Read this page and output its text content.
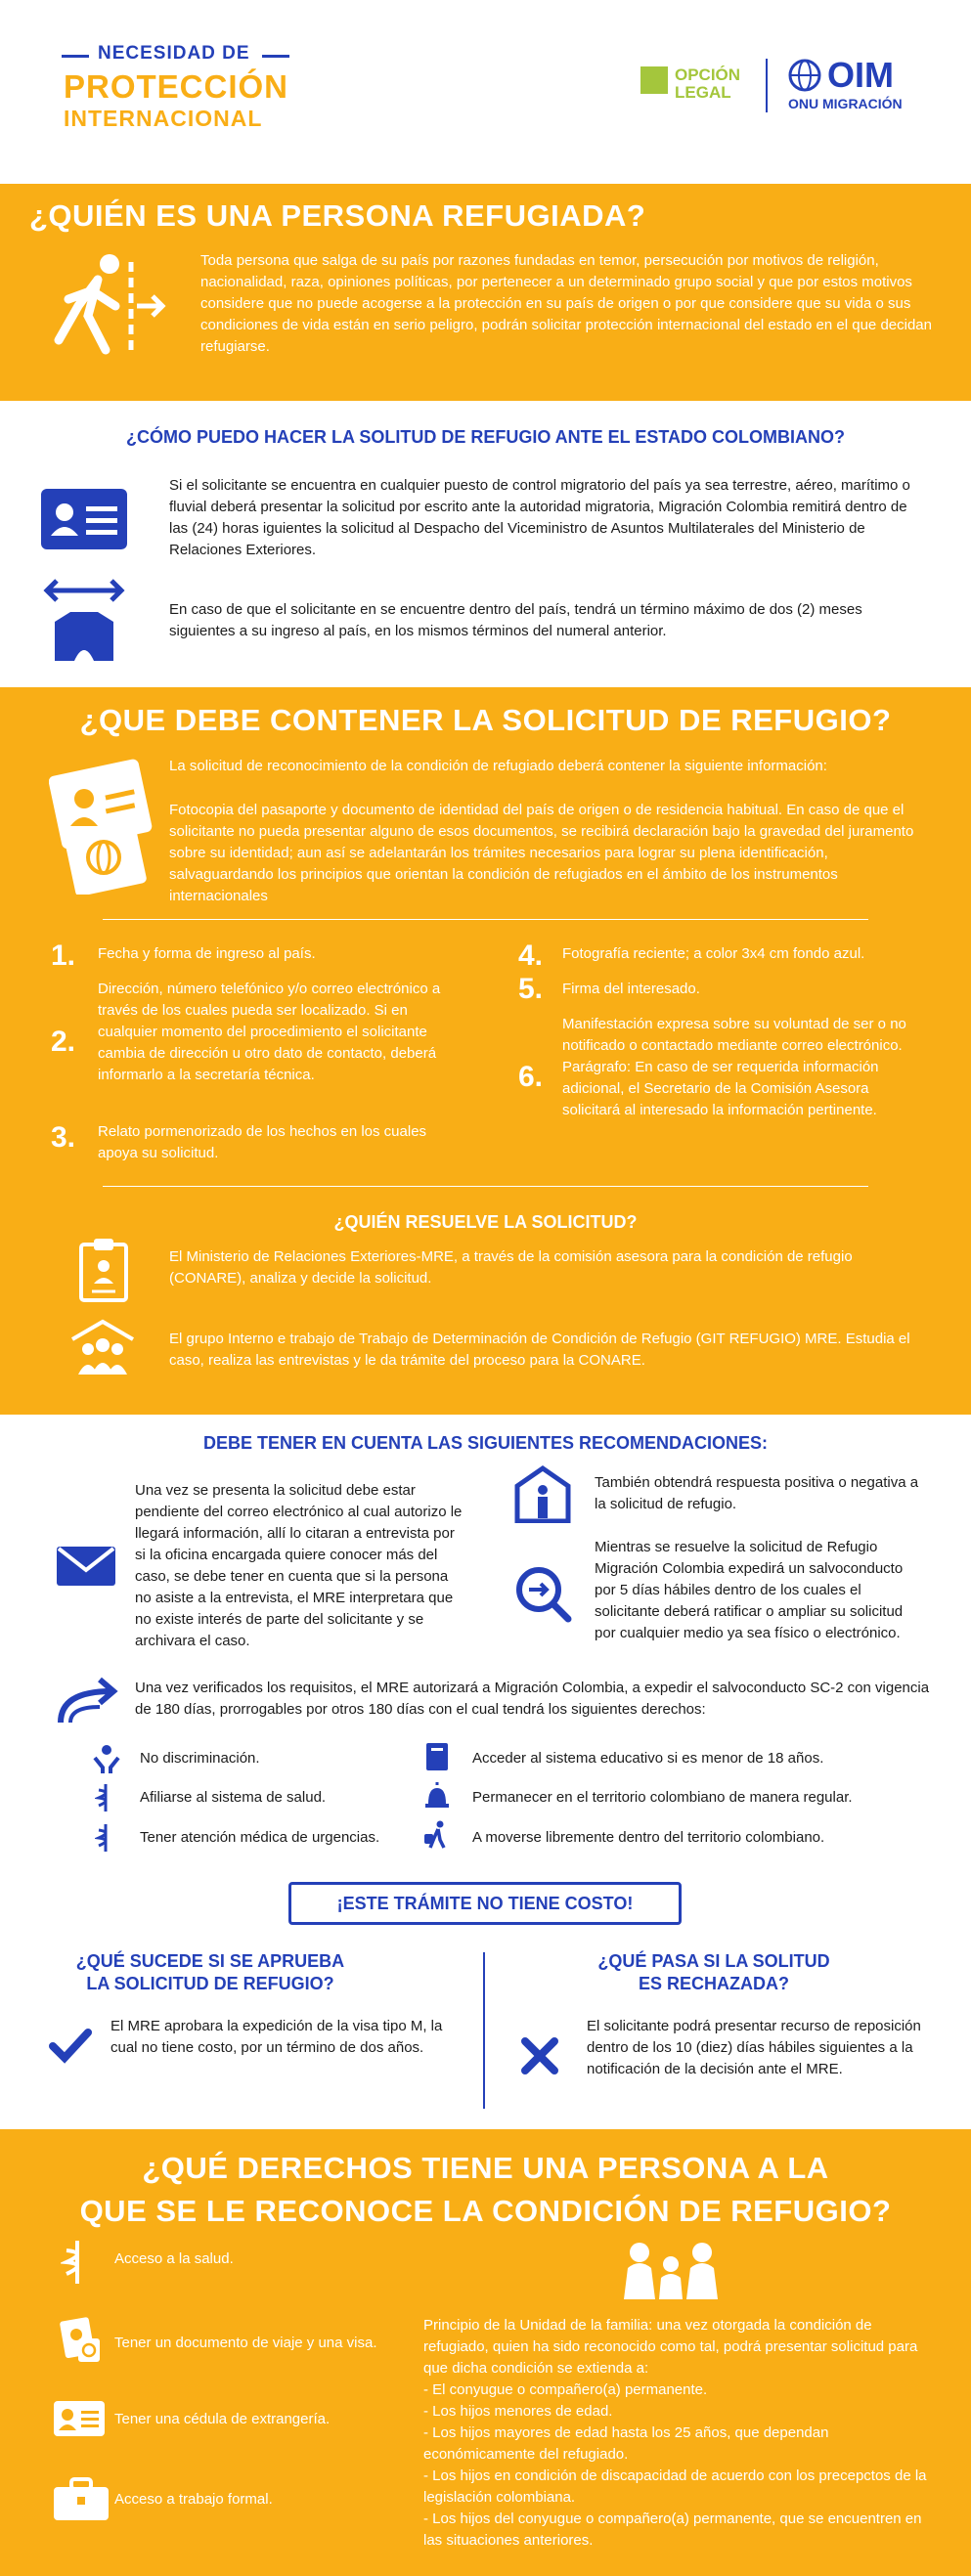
NECESIDAD DE
PROTECCIÓN
INTERNACIONAL
OPCIÓN
LEGAL	OIM
ONU MIGRACIÓN
¿QUIÉN ES UNA PERSONA REFUGIADA?
Toda persona que salga de su país por razones fundadas en temor, persecución por motivos de religión, nacionalidad, raza, opiniones políticas, por pertenecer a un determinado grupo social y que por estos motivos considere que no puede acogerse a la protección en su país de origen o por que considere que su vida o sus condiciones de vida están en serio peligro, podrán solicitar protección internacional del estado en el que decidan refugiarse.
¿CÓMO PUEDO HACER LA SOLITUD DE REFUGIO ANTE EL ESTADO COLOMBIANO?
Si el solicitante se encuentra en cualquier puesto de control migratorio del país ya sea terrestre, aéreo, marítimo o fluvial deberá presentar la solicitud por escrito ante la autoridad migratoria, Migración Colombia remitirá dentro de las (24) horas iguientes la solicitud al Despacho del Viceministro de Asuntos Multilaterales del Ministerio de Relaciones Exteriores.
En caso de que el solicitante en se encuentre dentro del país, tendrá un término máximo de dos (2) meses siguientes a su ingreso al país, en los mismos términos del numeral anterior.
¿QUE DEBE CONTENER LA SOLICITUD DE REFUGIO?
La solicitud de reconocimiento de la condición de refugiado deberá contener la siguiente información:
Fotocopia del pasaporte y documento de identidad del país de origen o de residencia habitual. En caso de que el solicitante no pueda presentar alguno de esos documentos, se recibirá declaración bajo la gravedad del juramento sobre su identidad; aun así se adelantarán los trámites necesarios para lograr su plena identificación, salvaguardando los principios que orientan la condición de refugiados en el ámbito de los instrumentos internacionales
1. Fecha y forma de ingreso al país.
2.
Dirección, número telefónico y/o correo electrónico a través de los cuales pueda ser localizado. Si en cualquier momento del procedimiento el solicitante cambia de dirección u otro dato de contacto, deberá informarlo a la secretaría técnica.
3. Relato pormenorizado de los hechos en los cuales apoya su solicitud.
4. Fotografía reciente; a color 3x4 cm fondo azul.
5. Firma del interesado.
6.
Manifestación expresa sobre su voluntad de ser o no notificado o contactado mediante correo electrónico. Parágrafo: En caso de ser requerida información adicional, el Secretario de la Comisión Asesora solicitará al interesado la información pertinente.
¿QUIÉN RESUELVE LA SOLICITUD?
El Ministerio de Relaciones Exteriores-MRE, a través de la comisión asesora para la condición de refugio (CONARE), analiza y decide la solicitud.
El grupo Interno e trabajo de Trabajo de Determinación de Condición de Refugio (GIT REFUGIO) MRE. Estudia el caso, realiza las entrevistas y le da trámite del proceso para la CONARE.
DEBE TENER EN CUENTA LAS SIGUIENTES RECOMENDACIONES:
Una vez se presenta la solicitud debe estar pendiente del correo electrónico al cual autorizo le llegará información, allí lo citaran a entrevista por si la oficina encargada quiere conocer más del caso, se debe tener en cuenta que si la persona no asiste a la entrevista, el MRE interpretara que no existe interés de parte del solicitante y se archivara el caso.
También obtendrá respuesta positiva o negativa a la solicitud de refugio.
Mientras se resuelve la solicitud de Refugio Migración Colombia expedirá un salvoconducto por 5 días hábiles dentro de los cuales el solicitante deberá ratificar o ampliar su solicitud por cualquier medio ya sea físico o electrónico.
Una vez verificados los requisitos, el MRE autorizará a Migración Colombia, a expedir el salvoconducto SC-2 con vigencia de 180 días, prorrogables por otros 180 días con el cual tendrá los siguientes derechos:
No discriminación.
Afiliarse al sistema de salud.
Tener atención médica de urgencias.
Acceder al sistema educativo si es menor de 18 años.
Permanecer en el territorio colombiano de manera regular.
A moverse libremente dentro del territorio colombiano.
¡ESTE TRÁMITE NO TIENE COSTO!
¿QUÉ SUCEDE SI SE APRUEBA
LA SOLICITUD DE REFUGIO?
El MRE aprobara la expedición de la visa tipo M, la cual no tiene costo, por un término de dos años.
¿QUÉ PASA SI LA SOLITUD
ES RECHAZADA?
El solicitante podrá presentar recurso de reposición dentro de los 10 (diez) días hábiles siguientes a la notificación de la decisión ante el MRE.
¿QUÉ DERECHOS TIENE UNA PERSONA A LA
QUE SE LE RECONOCE LA CONDICIÓN DE REFUGIO?
Acceso a la salud.
Tener un documento de viaje y una visa.
Tener una cédula de extrangería.
Acceso a trabajo formal.
Principio de la Unidad de la familia: una vez otorgada la condición de refugiado, quien ha sido reconocido como tal, podrá presentar solicitud para que dicha condición se extienda a:
- El conyugue o compañero(a) permanente.
- Los hijos menores de edad.
- Los hijos mayores de edad hasta los 25 años, que dependan económicamente del refugiado.
- Los hijos en condición de discapacidad de acuerdo con los precepctos de la legislación colombiana.
- Los hijos del conyugue o compañero(a) permanente, que se encuentren en las situaciones anteriores.
